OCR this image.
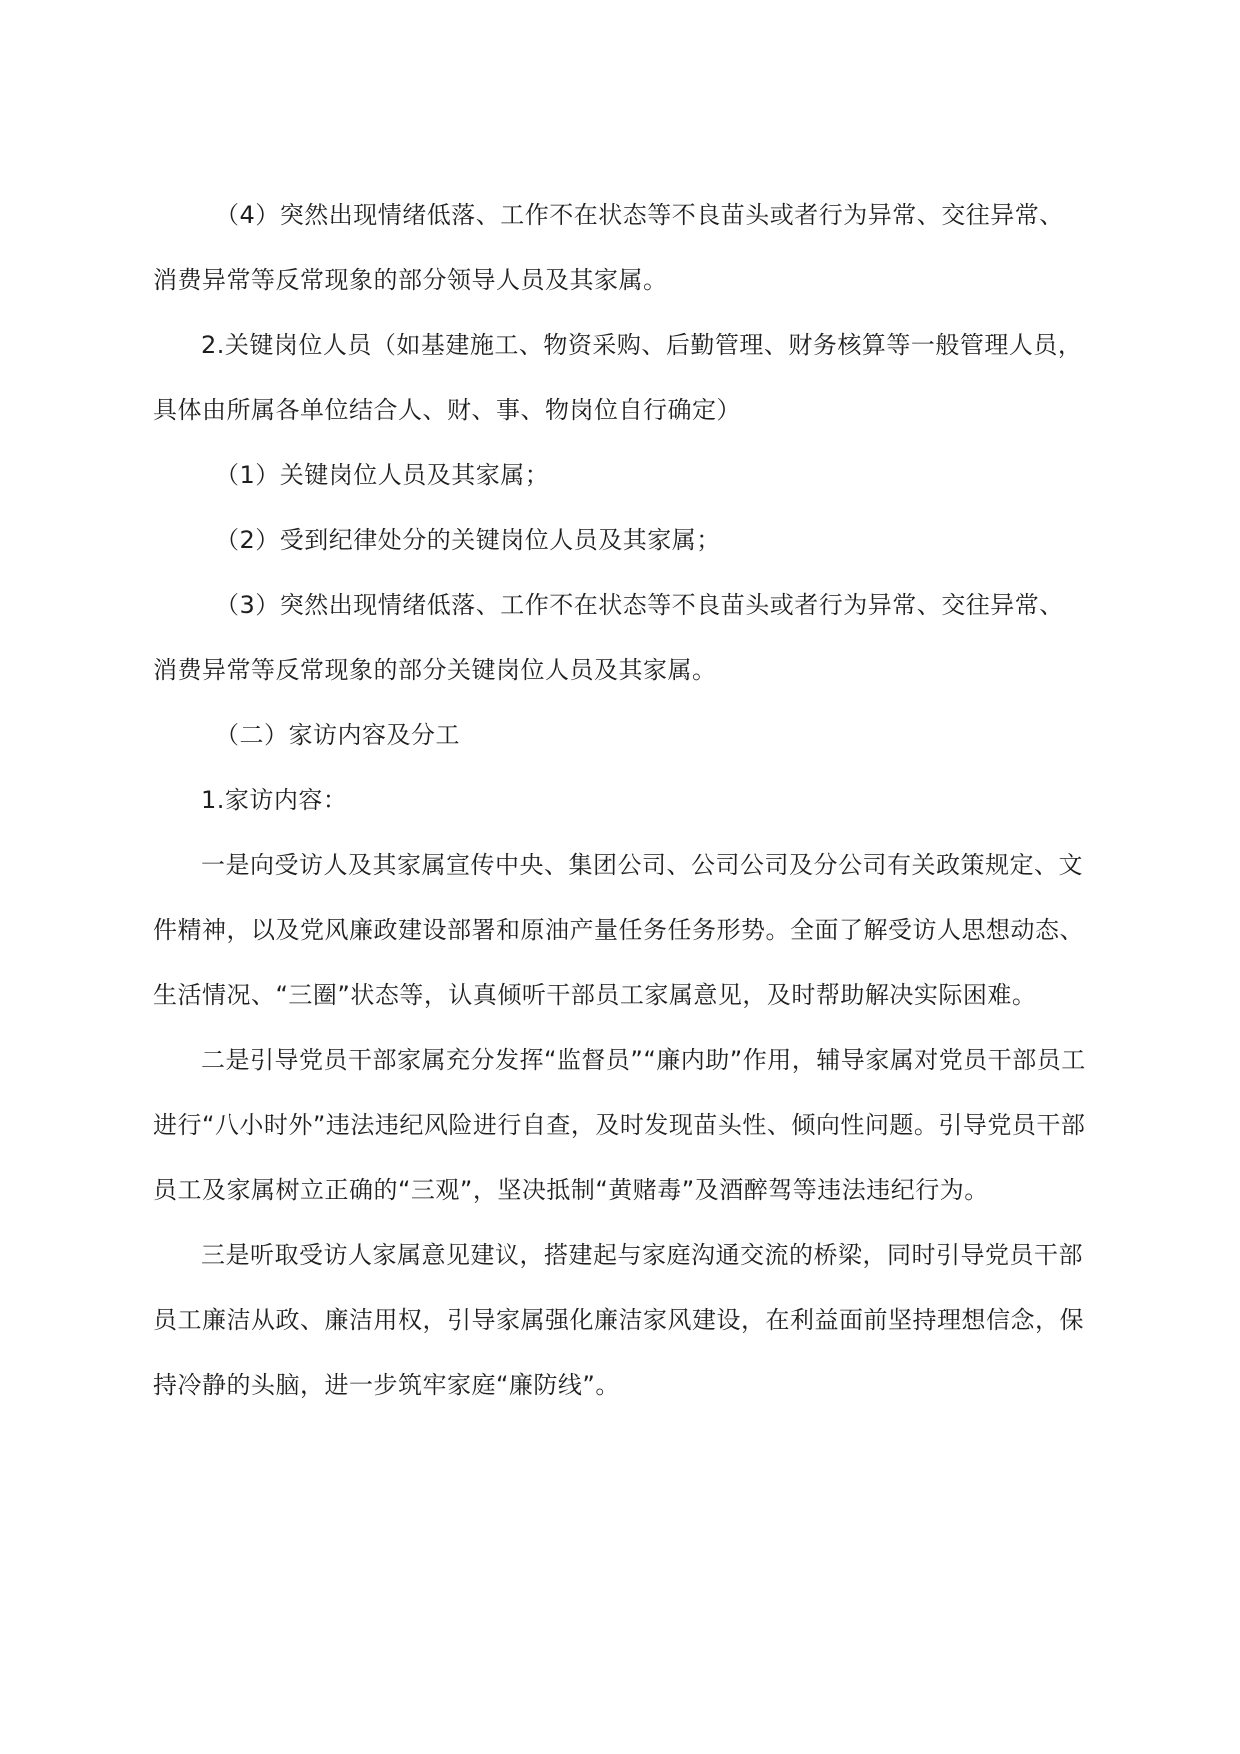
（4）突然出现情绪低落、工作不在状态等不良苗头或者行为异常、交往异常、消费异常等反常现象的部分领导人员及其家属。

2.关键岗位人员（如基建施工、物资采购、后勤管理、财务核算等一般管理人员，具体由所属各单位结合人、财、事、物岗位自行确定）

（1）关键岗位人员及其家属；

（2）受到纪律处分的关键岗位人员及其家属；

（3）突然出现情绪低落、工作不在状态等不良苗头或者行为异常、交往异常、消费异常等反常现象的部分关键岗位人员及其家属。

（二）家访内容及分工

1.家访内容：

一是向受访人及其家属宣传中央、集团公司、公司公司及分公司有关政策规定、文件精神，以及党风廉政建设部署和原油产量任务任务形势。全面了解受访人思想动态、生活情况、“三圈”状态等，认真倾听干部员工家属意见，及时帮助解决实际困难。

二是引导党员干部家属充分发挥“监督员”“廉内助”作用，辅导家属对党员干部员工进行“八小时外”违法违纪风险进行自查，及时发现苗头性、倾向性问题。引导党员干部员工及家属树立正确的“三观”，坚决抵制“黄赌毒”及酒醉驾等违法违纪行为。

三是听取受访人家属意见建议，搭建起与家庭沟通交流的桥梁，同时引导党员干部员工廉洁从政、廉洁用权，引导家属强化廉洁家风建设，在利益面前坚持理想信念，保持冷静的头脑，进一步筑牢家庭“廉防线”。
